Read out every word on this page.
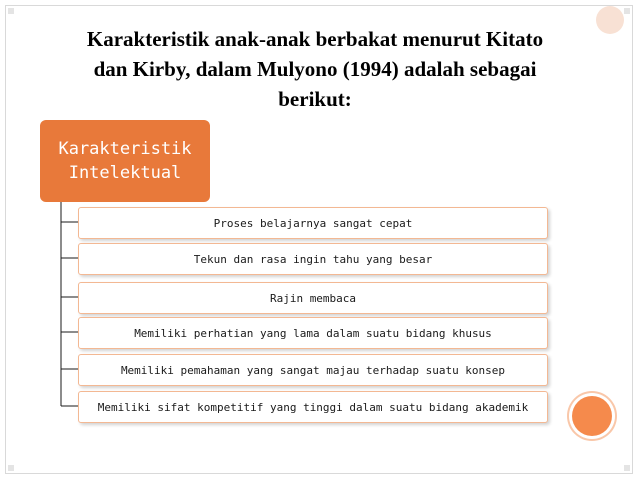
Karakteristik anak-anak berbakat menurut Kitato
dan Kirby, dalam Mulyono (1994) adalah sebagai
berikut:
Karakteristik
Intelektual
Proses belajarnya sangat cepat
Tekun dan rasa ingin tahu yang besar
Rajin membaca
Memiliki perhatian yang lama dalam suatu bidang khusus
Memiliki pemahaman yang sangat majau terhadap suatu konsep
Memiliki sifat kompetitif yang tinggi dalam suatu bidang akademik
